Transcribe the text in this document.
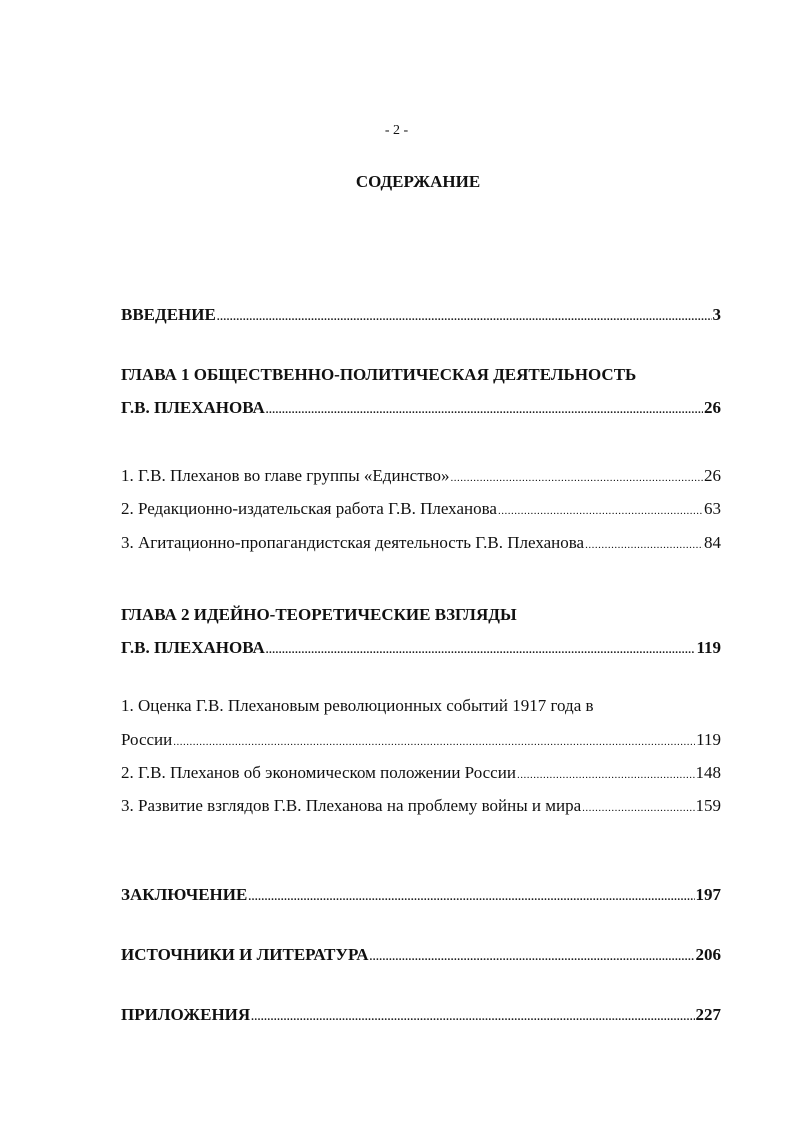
- 2 -
СОДЕРЖАНИЕ
ВВЕДЕНИЕ .....	3
ГЛАВА 1 ОБЩЕСТВЕННО-ПОЛИТИЧЕСКАЯ ДЕЯТЕЛЬНОСТЬ
Г.В. ПЛЕХАНОВА .....	26
1. Г.В. Плеханов во главе группы «Единство» .....	26
2. Редакционно-издательская работа Г.В. Плеханова .....	63
3. Агитационно-пропагандистская деятельность Г.В. Плеханова .....	84
ГЛАВА 2 ИДЕЙНО-ТЕОРЕТИЧЕСКИЕ ВЗГЛЯДЫ
Г.В. ПЛЕХАНОВА .....	119
1. Оценка Г.В. Плехановым революционных событий 1917 года в
России .....	119
2. Г.В. Плеханов об экономическом положении России .....	148
3. Развитие взглядов Г.В. Плеханова на проблему войны и мира .....	159
ЗАКЛЮЧЕНИЕ .....	197
ИСТОЧНИКИ И ЛИТЕРАТУРА .....	206
ПРИЛОЖЕНИЯ .....	227
